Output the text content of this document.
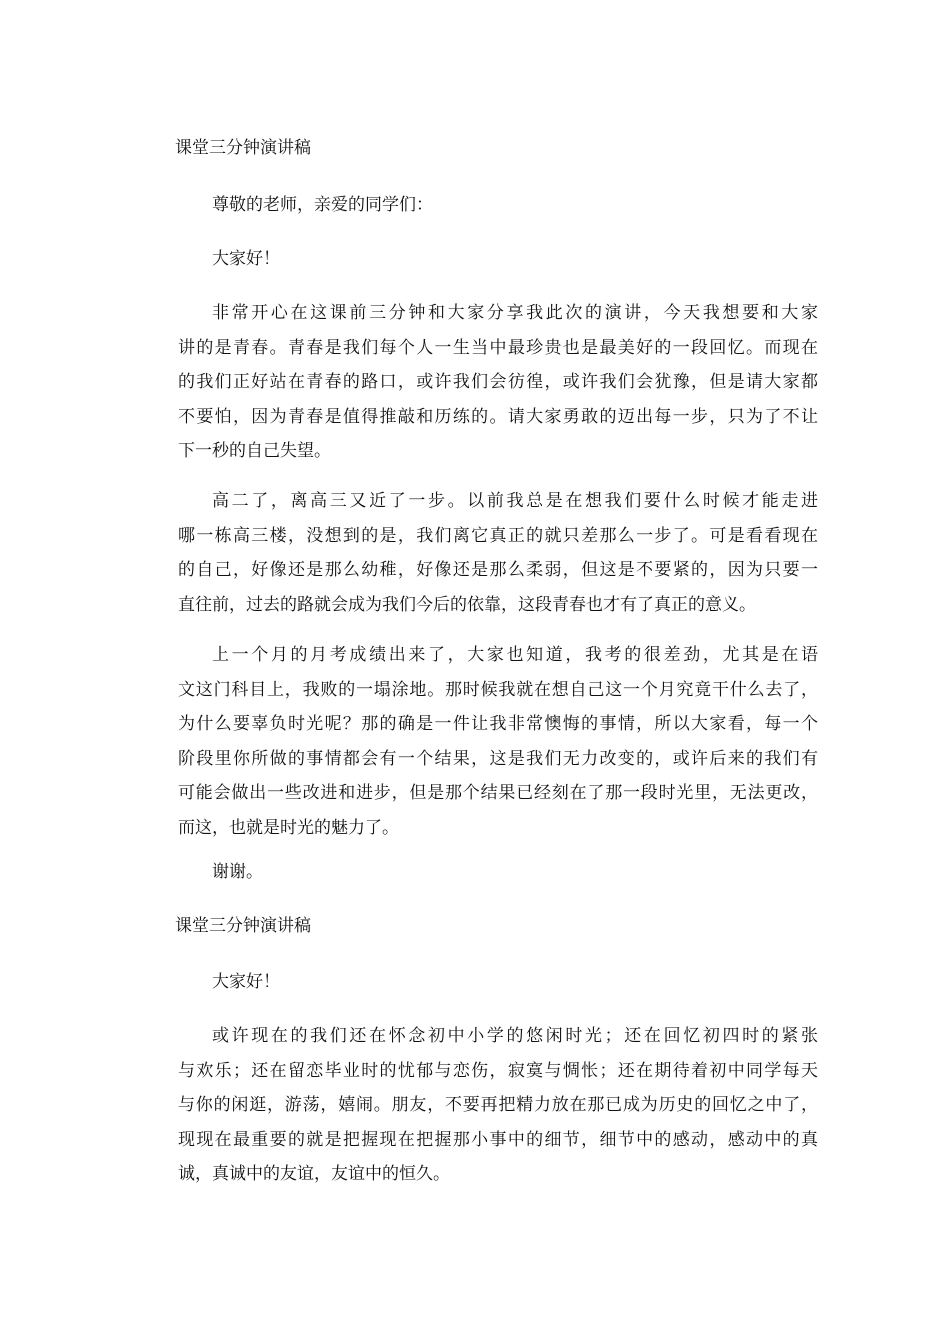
课堂三分钟演讲稿

尊敬的老师，亲爱的同学们：

大家好！

非常开心在这课前三分钟和大家分享我此次的演讲，今天我想要和大家
讲的是青春。青春是我们每个人一生当中最珍贵也是最美好的一段回忆。而现在
的我们正好站在青春的路口，或许我们会彷徨，或许我们会犹豫，但是请大家都
不要怕，因为青春是值得推敲和历练的。请大家勇敢的迈出每一步，只为了不让
下一秒的自己失望。
高二了，离高三又近了一步。以前我总是在想我们要什么时候才能走进
哪一栋高三楼，没想到的是，我们离它真正的就只差那么一步了。可是看看现在
的自己，好像还是那么幼稚，好像还是那么柔弱，但这是不要紧的，因为只要一
直往前，过去的路就会成为我们今后的依靠，这段青春也才有了真正的意义。
上一个月的月考成绩出来了，大家也知道，我考的很差劲，尤其是在语
文这门科目上，我败的一塌涂地。那时候我就在想自己这一个月究竟干什么去了，
为什么要辜负时光呢？那的确是一件让我非常懊悔的事情，所以大家看，每一个
阶段里你所做的事情都会有一个结果，这是我们无力改变的，或许后来的我们有
可能会做出一些改进和进步，但是那个结果已经刻在了那一段时光里，无法更改，
而这，也就是时光的魅力了。

谢谢。

课堂三分钟演讲稿

大家好！

或许现在的我们还在怀念初中小学的悠闲时光；还在回忆初四时的紧张
与欢乐；还在留恋毕业时的忧郁与恋伤，寂寞与惆怅；还在期待着初中同学每天
与你的闲逛，游荡，嬉闹。朋友，不要再把精力放在那已成为历史的回忆之中了，
现现在最重要的就是把握现在把握那小事中的细节，细节中的感动，感动中的真
诚，真诚中的友谊，友谊中的恒久。
